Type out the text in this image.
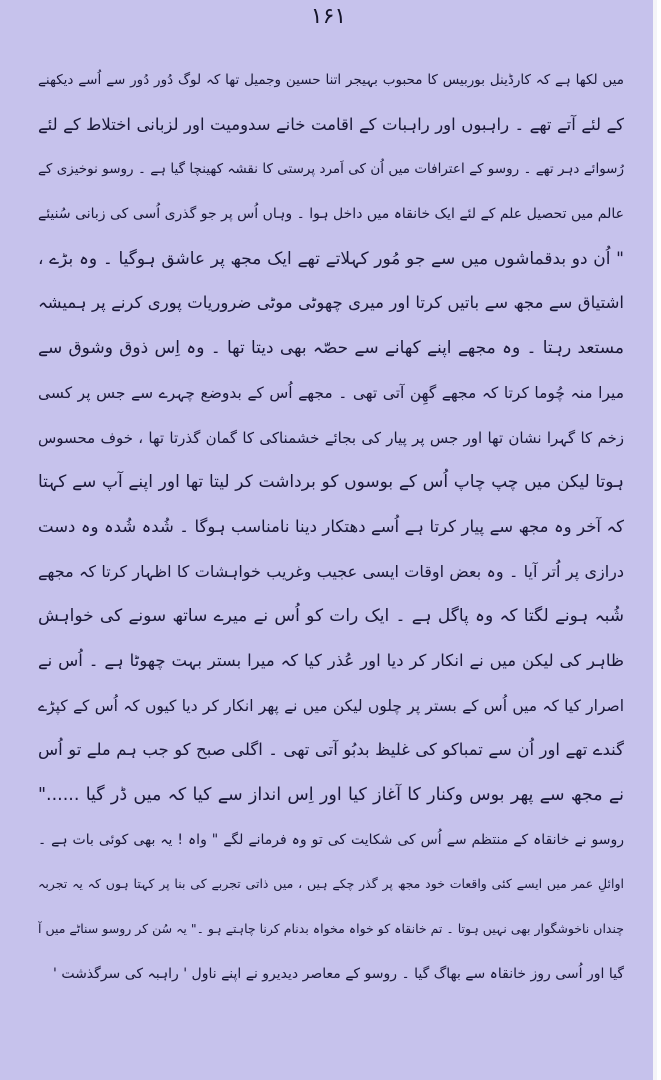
۱۶۱
میں لکھا ہے کہ کارڈینل بوربیس کا محبوب بہیجر اتنا حسین وجمیل تھا کہ لوگ دُور دُور سے اُسے دیکھنے
کے لئے آتے تھے ۔ راہبوں اور راہبات کے اقامت خانے سدومیت اور لزبانی اختلاط کے لئے
رُسوائے دہر تھے ۔ روسو کے اعترافات میں اُن کی اَمرد پرستی کا نقشہ کھینچا گیا ہے ۔ روسو نوخیزی کے
عالم میں تحصیل علم کے لئے ایک خانقاہ میں داخل ہوا ۔ وہاں اُس پر جو گذری اُسی کی زبانی سُنیئے
" اُن دو بدقماشوں میں سے جو مُور کہلاتے تھے ایک مجھ پر عاشق ہوگیا ۔ وہ بڑے ،
اشتیاق سے مجھ سے باتیں کرتا اور میری چھوٹی موٹی ضروریات پوری کرنے پر ہمیشہ
مستعد رہتا ۔ وہ مجھے اپنے کھانے سے حصّہ بھی دیتا تھا ۔ وہ اِس ذوق وشوق سے
میرا منہ چُوما کرتا کہ مجھے گھِن آتی تھی ۔ مجھے اُس کے بدوضع چہرے سے جس پر کسی
زخم کا گہرا نشان تھا اور جس پر پیار کی بجائے خشمناکی کا گمان گذرتا تھا ، خوف محسوس
ہوتا لیکن میں چپ چاپ اُس کے بوسوں کو برداشت کر لیتا تھا اور اپنے آپ سے کہتا
کہ آخر وہ مجھ سے پیار کرتا ہے اُسے دھتکار دینا نامناسب ہوگا ۔ شُدہ شُدہ وہ دست
درازی پر اُتر آیا ۔ وہ بعض اوقات ایسی عجیب وغریب خواہشات کا اظہار کرتا کہ مجھے
شُبہ ہونے لگتا کہ وہ پاگل ہے ۔ ایک رات کو اُس نے میرے ساتھ سونے کی خواہش
ظاہر کی لیکن میں نے انکار کر دیا اور عُذر کیا کہ میرا بستر بہت چھوٹا ہے ۔ اُس نے
اصرار کیا کہ میں اُس کے بستر پر چلوں لیکن میں نے پھر انکار کر دیا کیوں کہ اُس کے کپڑے
گندے تھے اور اُن سے تمباکو کی غلیظ بدبُو آتی تھی ۔ اگلی صبح کو جب ہم ملے تو اُس
نے مجھ سے پھر بوس وکنار کا آغاز کیا اور اِس انداز سے کیا کہ میں ڈر گیا ......"
روسو نے خانقاہ کے منتظم سے اُس کی شکایت کی تو وہ فرمانے لگے " واہ ! یہ بھی کوئی بات ہے ۔
اوائلِ عمر میں ایسے کئی واقعات خود مجھ پر گذر چکے ہیں ، میں ذاتی تجربے کی بنا پر کہتا ہوں کہ یہ تجربہ
چنداں ناخوشگوار بھی نہیں ہوتا ۔ تم خانقاہ کو خواہ مخواہ بدنام کرنا چاہتے ہو ۔" یہ سُن کر روسو سناٹے میں آ
گیا اور اُسی روز خانقاہ سے بھاگ گیا ۔ روسو کے معاصر دیدیرو نے اپنے ناول ' راہبہ کی سرگذشت '
